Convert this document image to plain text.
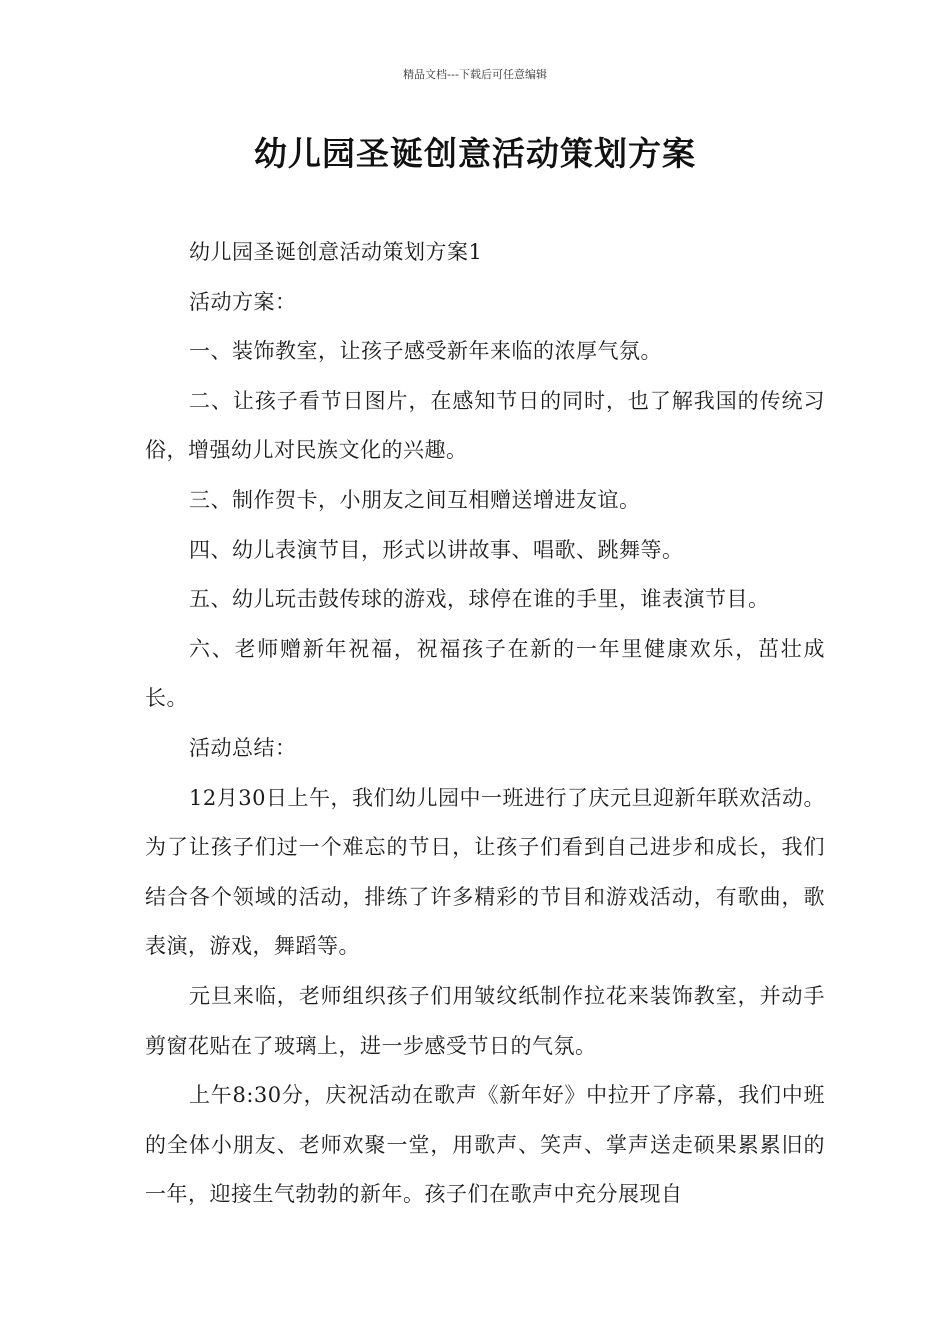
精品文档---下载后可任意编辑
幼儿园圣诞创意活动策划方案

幼儿园圣诞创意活动策划方案1

活动方案：

一、装饰教室，让孩子感受新年来临的浓厚气氛。

二、让孩子看节日图片，在感知节日的同时，也了解我国的传统习俗，增强幼儿对民族文化的兴趣。

三、制作贺卡，小朋友之间互相赠送增进友谊。

四、幼儿表演节目，形式以讲故事、唱歌、跳舞等。

五、幼儿玩击鼓传球的游戏，球停在谁的手里，谁表演节目。

六、老师赠新年祝福，祝福孩子在新的一年里健康欢乐，茁壮成长。

活动总结：

12月30日上午，我们幼儿园中一班进行了庆元旦迎新年联欢活动。为了让孩子们过一个难忘的节日，让孩子们看到自己进步和成长，我们结合各个领域的活动，排练了许多精彩的节目和游戏活动，有歌曲，歌表演，游戏，舞蹈等。

元旦来临，老师组织孩子们用皱纹纸制作拉花来装饰教室，并动手剪窗花贴在了玻璃上，进一步感受节日的气氛。

上午8:30分，庆祝活动在歌声《新年好》中拉开了序幕，我们中班的全体小朋友、老师欢聚一堂，用歌声、笑声、掌声送走硕果累累旧的一年，迎接生气勃勃的新年。孩子们在歌声中充分展现自
